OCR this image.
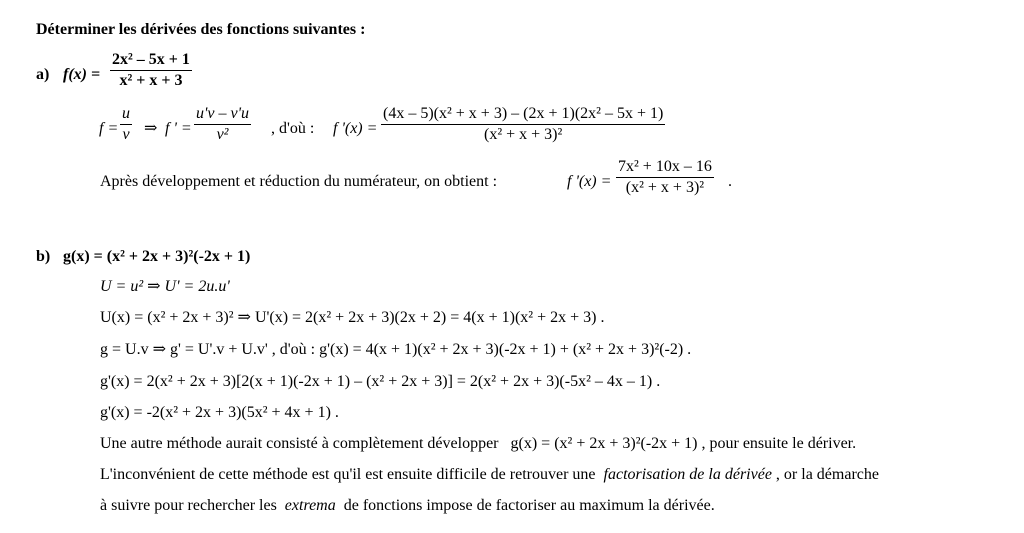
Déterminer les dérivées des fonctions suivantes :
a) $f(x) = \frac{\text{2x² – 5x + 1}}{\text{x² + x + 3}}$
$f = \frac{u}{v}$ ⇒ f ' = $\frac{u'v - v'u}{\text{v²}}$ , d'où : f '$(x) = \frac{\text{(4x – 5)(x² + x + 3) – (2x + 1)(2x² – 5x + 1)}}{\text{(x² + x + 3)²}}$
Après développement et réduction du numérateur, on obtient :	f '$(x) = \frac{\text{7x² + 10x – 16}}{\text{(x² + x + 3)²}}$ .
b) g(x) = (x² + 2x + 3)²(-2x + 1)
U = u² ⇒ U' = 2u.u'
U(x) = (x² + 2x + 3)² ⇒ U'(x) = 2(x² + 2x + 3)(2x + 2) = 4(x + 1)(x² + 2x + 3) .
g = U.v ⇒ g' = U'.v + U.v' , d'où : g'(x) = 4(x + 1)(x² + 2x + 3)(-2x + 1) + (x² + 2x + 3)²(-2) .
g'(x) = 2(x² + 2x + 3)[2(x + 1)(-2x + 1) – (x² + 2x + 3)] = 2(x² + 2x + 3)(-5x² – 4x – 1) .
g'(x) = -2(x² + 2x + 3)(5x² + 4x + 1) .
Une autre méthode aurait consisté à complètement développer g(x) = (x² + 2x + 3)²(-2x + 1) , pour ensuite le dériver.
L'inconvénient de cette méthode est qu'il est ensuite difficile de retrouver une factorisation de la dérivée , or la démarche
à suivre pour rechercher les extrema de fonctions impose de factoriser au maximum la dérivée.
